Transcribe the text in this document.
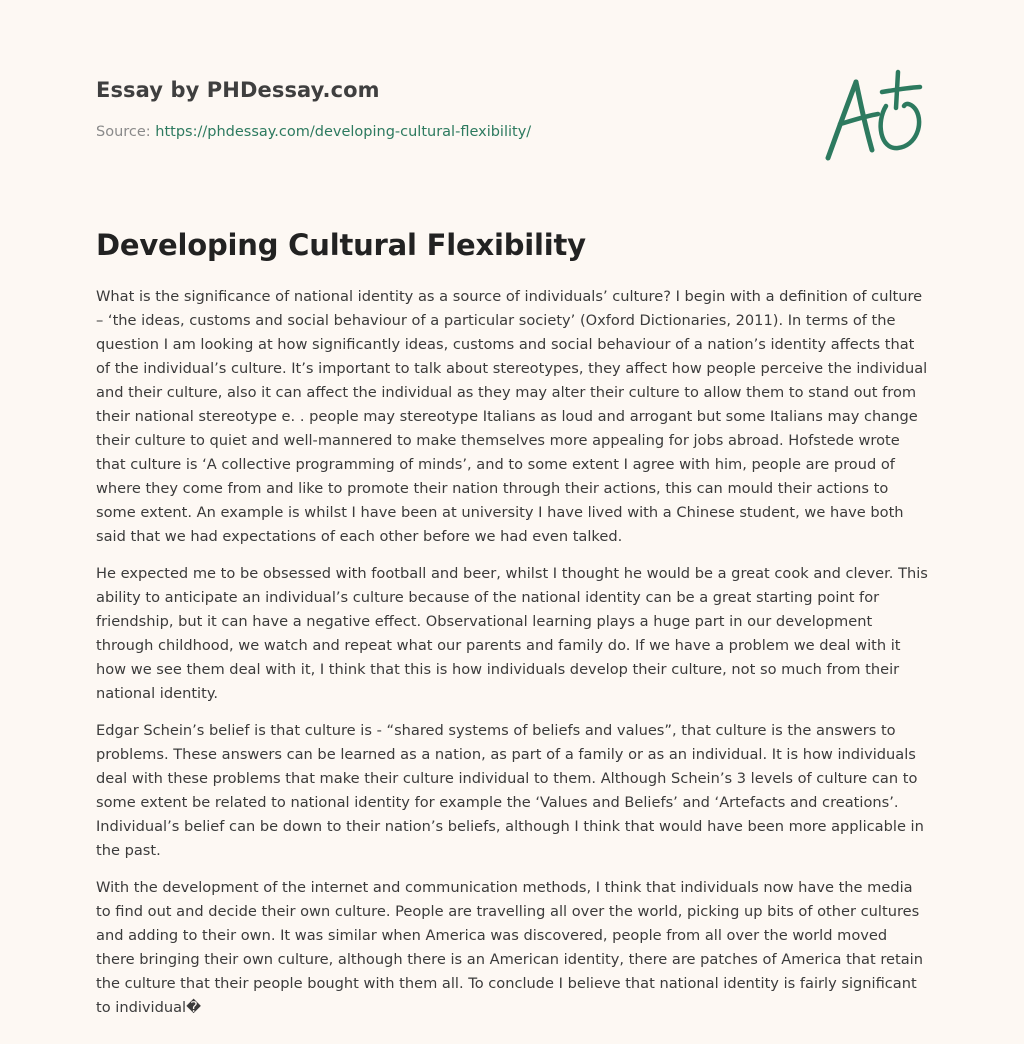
Essay by PHDessay.com
Source: https://phdessay.com/developing-cultural-flexibility/
Developing Cultural Flexibility

What is the significance of national identity as a source of individuals’ culture? I begin with a definition of culture – ‘the ideas, customs and social behaviour of a particular society’ (Oxford Dictionaries, 2011). In terms of the question I am looking at how significantly ideas, customs and social behaviour of a nation’s identity affects that of the individual’s culture. It’s important to talk about stereotypes, they affect how people perceive the individual and their culture, also it can affect the individual as they may alter their culture to allow them to stand out from their national stereotype e. . people may stereotype Italians as loud and arrogant but some Italians may change their culture to quiet and well-mannered to make themselves more appealing for jobs abroad. Hofstede wrote that culture is ‘A collective programming of minds’, and to some extent I agree with him, people are proud of where they come from and like to promote their nation through their actions, this can mould their actions to some extent. An example is whilst I have been at university I have lived with a Chinese student, we have both said that we had expectations of each other before we had even talked.

He expected me to be obsessed with football and beer, whilst I thought he would be a great cook and clever. This ability to anticipate an individual’s culture because of the national identity can be a great starting point for friendship, but it can have a negative effect. Observational learning plays a huge part in our development through childhood, we watch and repeat what our parents and family do. If we have a problem we deal with it how we see them deal with it, I think that this is how individuals develop their culture, not so much from their national identity.

Edgar Schein’s belief is that culture is - “shared systems of beliefs and values”, that culture is the answers to problems. These answers can be learned as a nation, as part of a family or as an individual. It is how individuals deal with these problems that make their culture individual to them. Although Schein’s 3 levels of culture can to some extent be related to national identity for example the ‘Values and Beliefs’ and ‘Artefacts and creations’. Individual’s belief can be down to their nation’s beliefs, although I think that would have been more applicable in the past.

With the development of the internet and communication methods, I think that individuals now have the media to find out and decide their own culture. People are travelling all over the world, picking up bits of other cultures and adding to their own. It was similar when America was discovered, people from all over the world moved there bringing their own culture, although there is an American identity, there are patches of America that retain the culture that their people bought with them all. To conclude I believe that national identity is fairly significant to individual�
